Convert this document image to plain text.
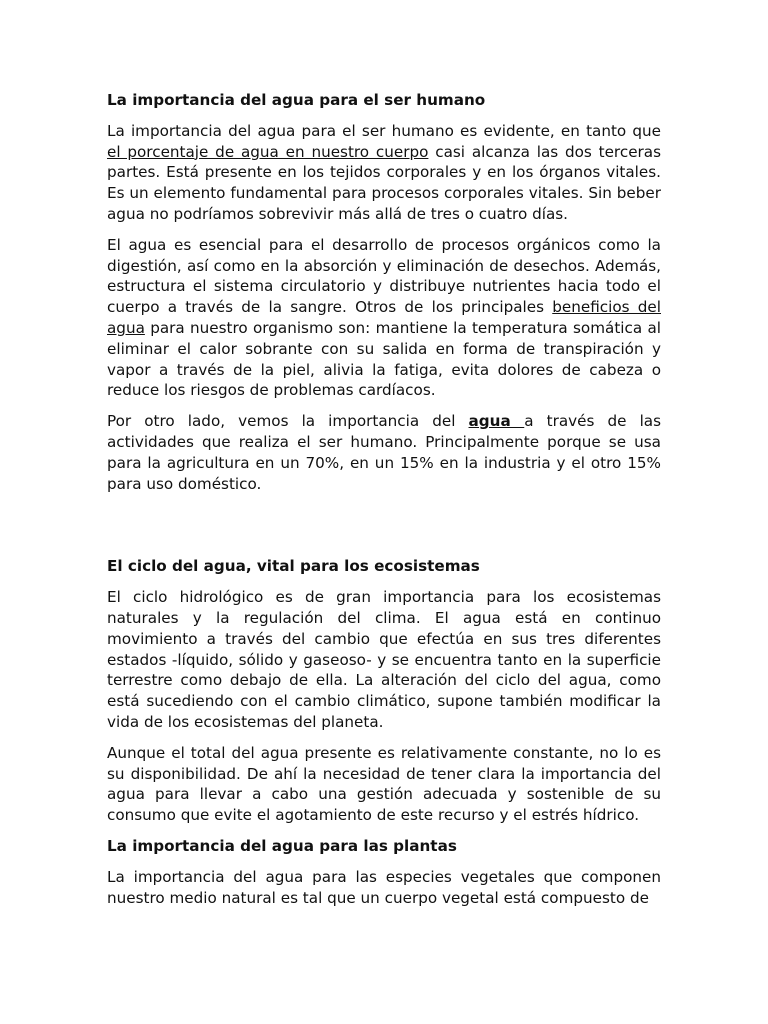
La importancia del agua para el ser humano

La importancia del agua para el ser humano es evidente, en tanto que el porcentaje de agua en nuestro cuerpo casi alcanza las dos terceras partes. Está presente en los tejidos corporales y en los órganos vitales. Es un elemento fundamental para procesos corporales vitales. Sin beber agua no podríamos sobrevivir más allá de tres o cuatro días.

El agua es esencial para el desarrollo de procesos orgánicos como la digestión, así como en la absorción y eliminación de desechos. Además, estructura el sistema circulatorio y distribuye nutrientes hacia todo el cuerpo a través de la sangre. Otros de los principales beneficios del agua para nuestro organismo son: mantiene la temperatura somática al eliminar el calor sobrante con su salida en forma de transpiración y vapor a través de la piel, alivia la fatiga, evita dolores de cabeza o reduce los riesgos de problemas cardíacos.

Por otro lado, vemos la importancia del agua a través de las actividades que realiza el ser humano. Principalmente porque se usa para la agricultura en un 70%, en un 15% en la industria y el otro 15% para uso doméstico.

El ciclo del agua, vital para los ecosistemas

El ciclo hidrológico es de gran importancia para los ecosistemas naturales y la regulación del clima. El agua está en continuo movimiento a través del cambio que efectúa en sus tres diferentes estados -líquido, sólido y gaseoso- y se encuentra tanto en la superficie terrestre como debajo de ella. La alteración del ciclo del agua, como está sucediendo con el cambio climático, supone también modificar la vida de los ecosistemas del planeta.

Aunque el total del agua presente es relativamente constante, no lo es su disponibilidad. De ahí la necesidad de tener clara la importancia del agua para llevar a cabo una gestión adecuada y sostenible de su consumo que evite el agotamiento de este recurso y el estrés hídrico.

La importancia del agua para las plantas

La importancia del agua para las especies vegetales que componen nuestro medio natural es tal que un cuerpo vegetal está compuesto de
